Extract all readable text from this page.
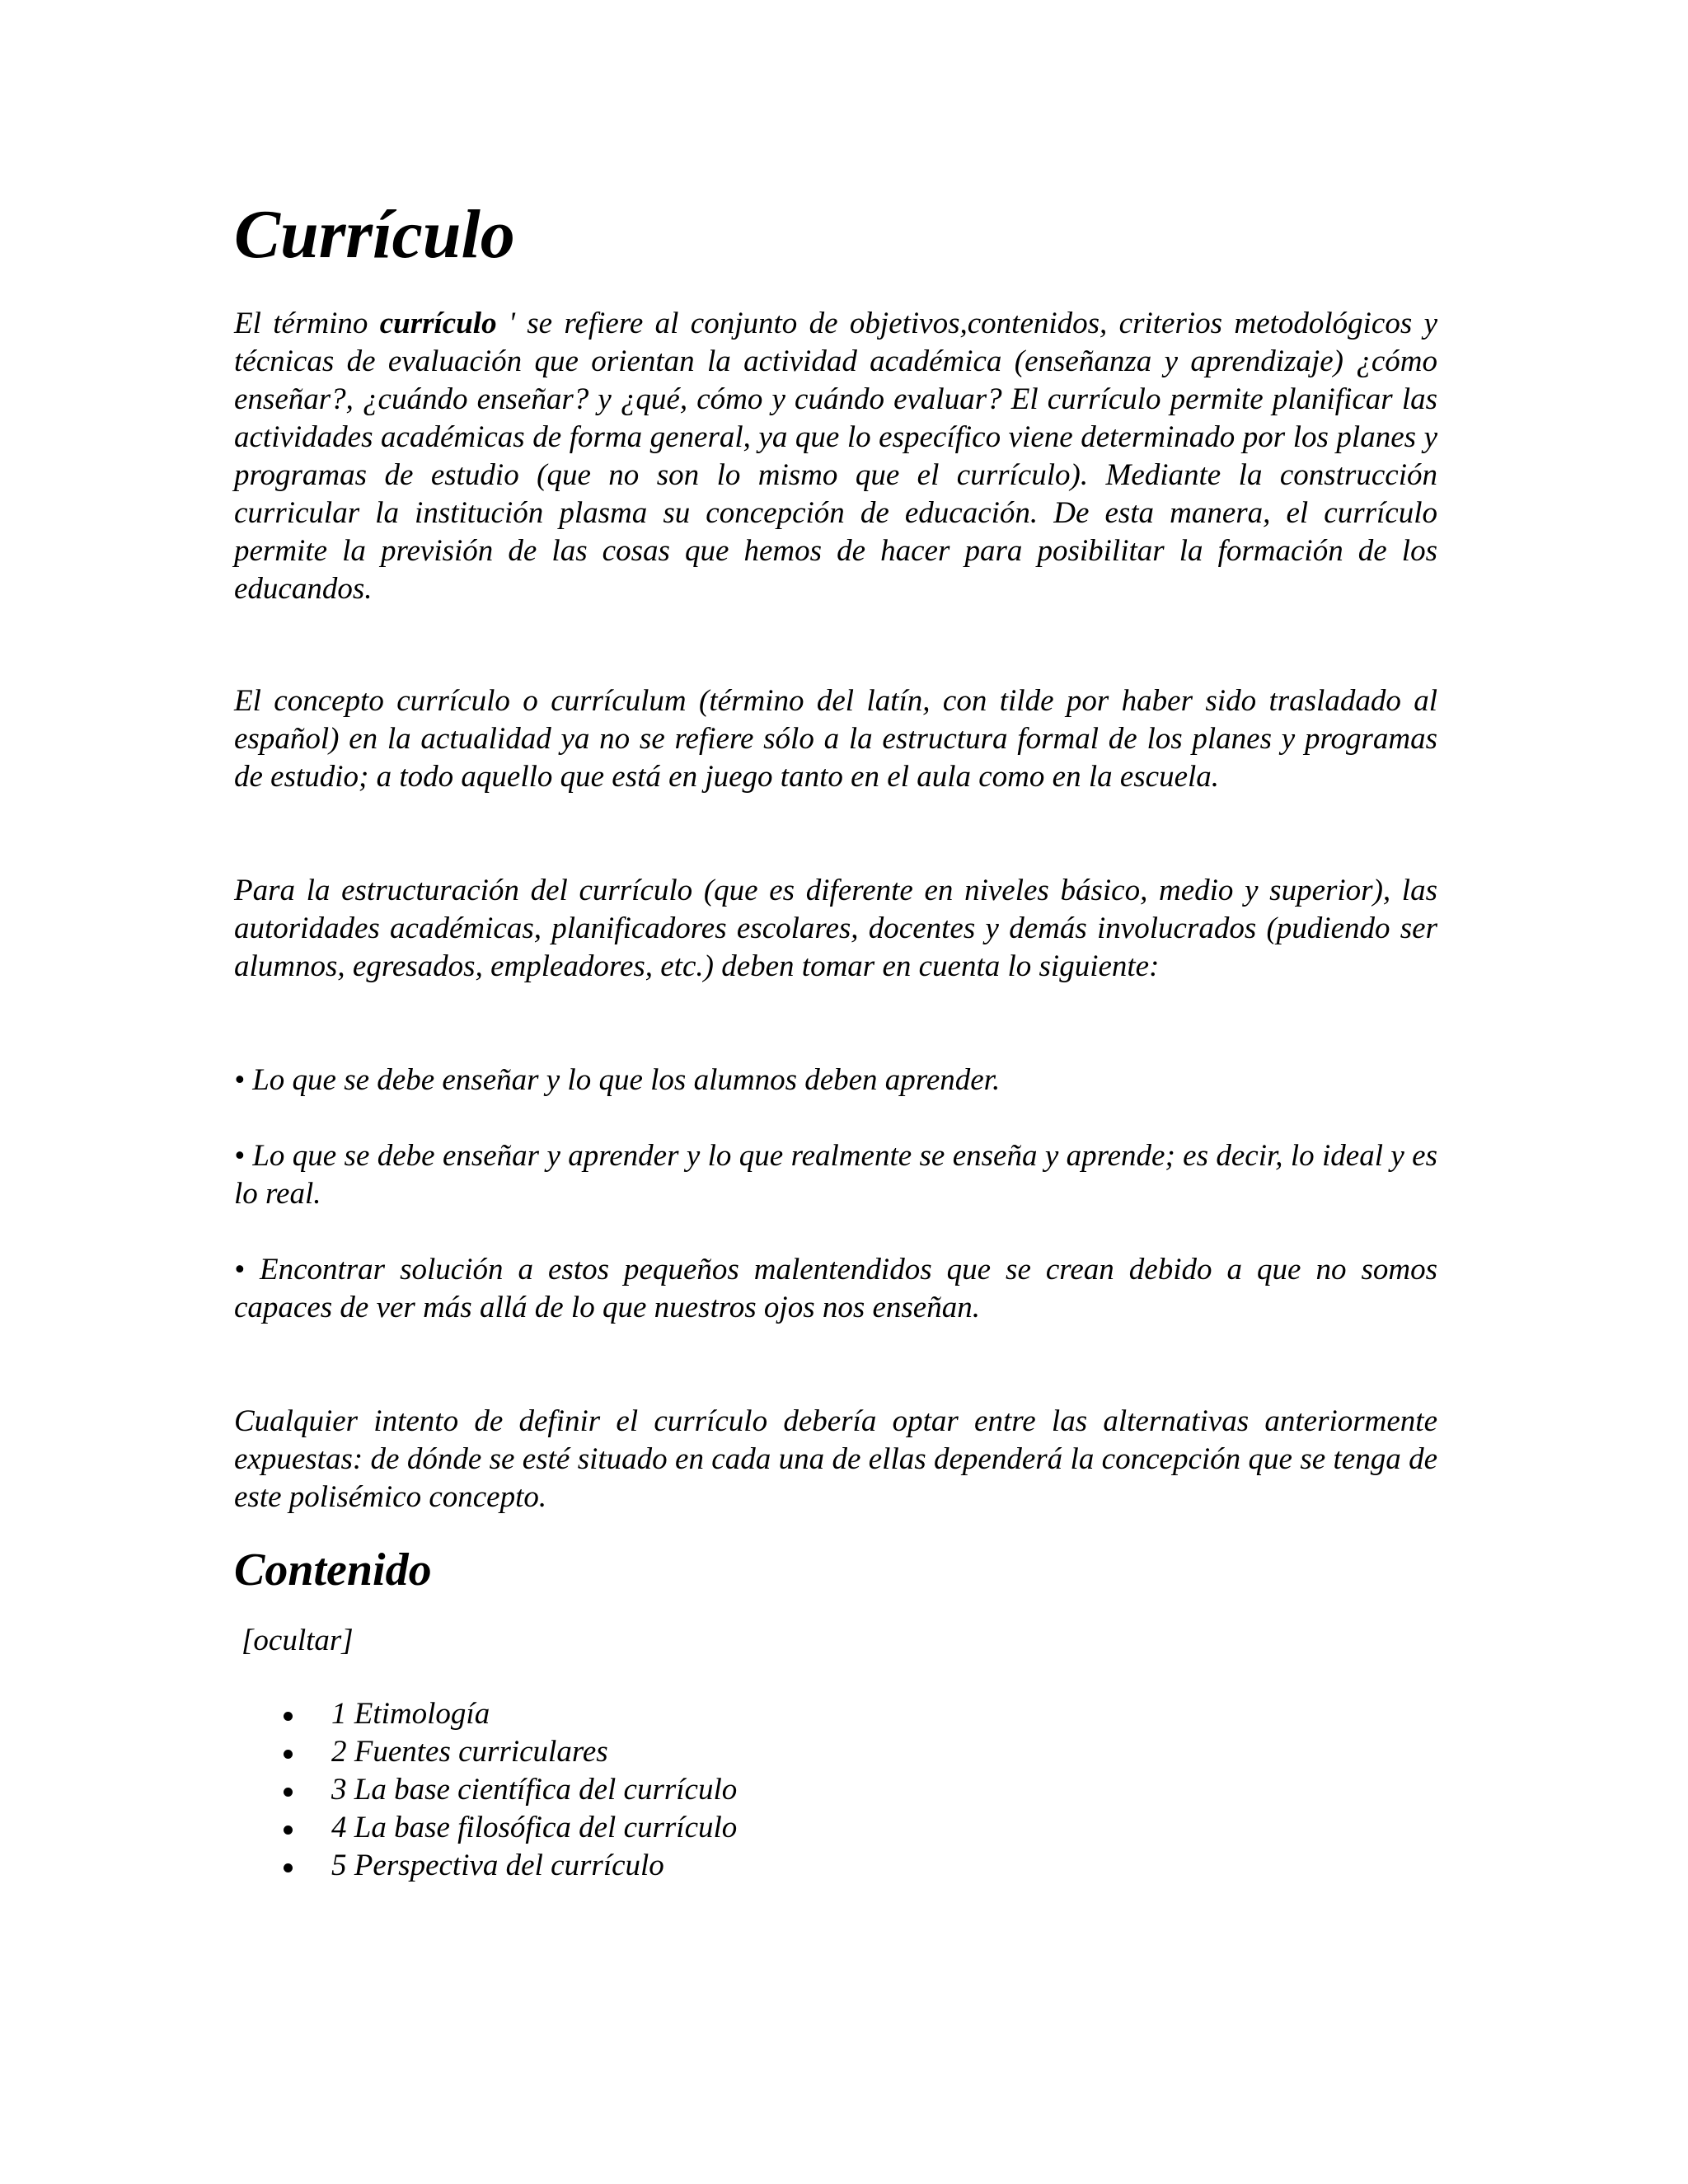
Currículo

El término currículo ' se refiere al conjunto de objetivos,contenidos, criterios metodológicos y técnicas de evaluación que orientan la actividad académica (enseñanza y aprendizaje) ¿cómo enseñar?, ¿cuándo enseñar? y ¿qué, cómo y cuándo evaluar? El currículo permite planificar las actividades académicas de forma general, ya que lo específico viene determinado por los planes y programas de estudio (que no son lo mismo que el currículo). Mediante la construcción curricular la institución plasma su concepción de educación. De esta manera, el currículo permite la previsión de las cosas que hemos de hacer para posibilitar la formación de los educandos.

El concepto currículo o currículum (término del latín, con tilde por haber sido trasladado al español) en la actualidad ya no se refiere sólo a la estructura formal de los planes y programas de estudio; a todo aquello que está en juego tanto en el aula como en la escuela.

Para la estructuración del currículo (que es diferente en niveles básico, medio y superior), las autoridades académicas, planificadores escolares, docentes y demás involucrados (pudiendo ser alumnos, egresados, empleadores, etc.) deben tomar en cuenta lo siguiente:

• Lo que se debe enseñar y lo que los alumnos deben aprender.

• Lo que se debe enseñar y aprender y lo que realmente se enseña y aprende; es decir, lo ideal y es lo real.

• Encontrar solución a estos pequeños malentendidos que se crean debido a que no somos capaces de ver más allá de lo que nuestros ojos nos enseñan.

Cualquier intento de definir el currículo debería optar entre las alternativas anteriormente expuestas: de dónde se esté situado en cada una de ellas dependerá la concepción que se tenga de este polisémico concepto.

Contenido
[ocultar]
1 Etimología
2 Fuentes curriculares
3 La base científica del currículo
4 La base filosófica del currículo
5 Perspectiva del currículo
